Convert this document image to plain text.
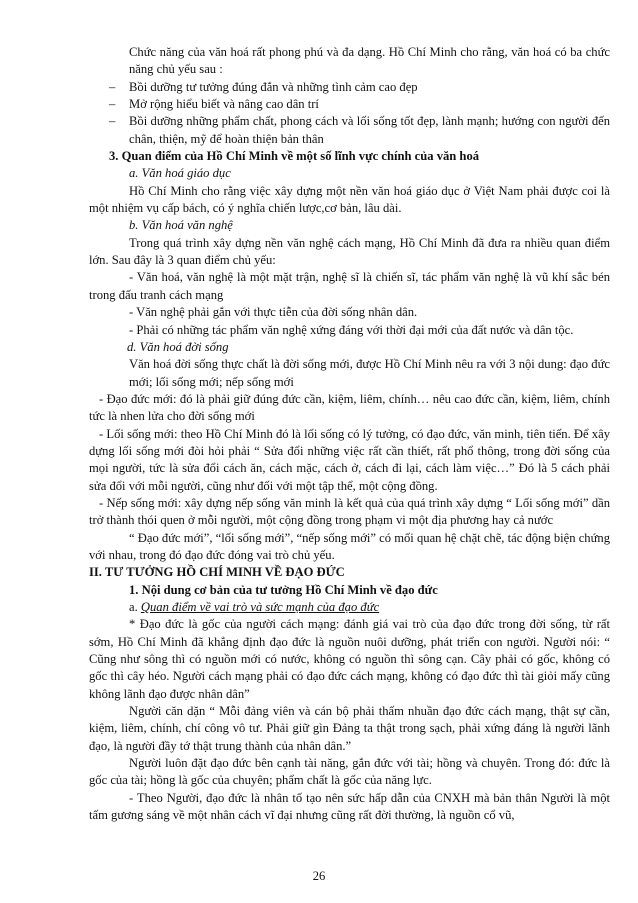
Chức năng của văn hoá rất phong phú và đa dạng. Hồ Chí Minh cho rằng, văn hoá có ba chức năng chủ yếu sau :

– Bồi dưỡng tư tưởng đúng đắn và những tình cảm cao đẹp

– Mở rộng hiểu biết và nâng cao dân trí

– Bồi dưỡng những phẩm chất, phong cách và lối sống tốt đẹp, lành mạnh; hướng con người đến chân, thiện, mỹ để hoàn thiện bản thân

3. Quan điểm của Hồ Chí Minh về một số lĩnh vực chính của văn hoá

a. Văn hoá giáo dục

Hồ Chí Minh cho rằng việc xây dựng một nền văn hoá giáo dục ở Việt Nam phải được coi là một nhiệm vụ cấp bách, có ý nghĩa chiến lược,cơ bản, lâu dài.

b. Văn hoá văn nghệ

Trong quá trình xây dựng nền văn nghệ cách mạng, Hồ Chí Minh đã đưa ra nhiều quan điểm lớn. Sau đây là 3 quan điểm chủ yếu:

- Văn hoá, văn nghệ là một mặt trận, nghệ sĩ là chiến sĩ, tác phẩm văn nghệ là vũ khí sắc bén trong đấu tranh cách mạng

- Văn nghệ phải gắn với thực tiễn của đời sống nhân dân.

- Phải có những tác phẩm văn nghệ xứng đáng với thời đại mới của đất nước và dân tộc.

d. Văn hoá đời sống

Văn hoá đời sống thực chất là đời sống mới, được Hồ Chí Minh nêu ra với 3 nội dung: đạo đức mới; lối sống mới; nếp sống mới

- Đạo đức mới: đó là phải giữ đúng đức cần, kiệm, liêm, chính… nêu cao đức cần, kiệm, liêm, chính tức là nhen lửa cho đời sống mới

- Lối sống mới: theo Hồ Chí Minh đó là lối sống có lý tưởng, có đạo đức, văn minh, tiên tiến. Để xây dựng lối sống mới đòi hỏi phải “ Sửa đổi những việc rất cần thiết, rất phổ thông, trong đời sống của mọi người, tức là sửa đổi cách ăn, cách mặc, cách ở, cách đi lại, cách làm việc…” Đó là 5 cách phải sửa đổi với mỗi người, cũng như đối với một tập thể, một cộng đồng.

- Nếp sống mới: xây dựng nếp sống văn minh là kết quả của quá trình xây dựng “ Lối sống mới” dần trở thành thói quen ở mỗi người, một cộng đồng trong phạm vi một địa phương hay cả nước

“ Đạo đức mới”, “lối sống mới”, “nếp sống mới” có mối quan hệ chặt chẽ, tác động biện chứng với nhau, trong đó đạo đức đóng vai trò chủ yếu.

II. TƯ TƯỞNG HỒ CHÍ MINH VỀ ĐẠO ĐỨC

1. Nội dung cơ bản của tư tưởng Hồ Chí Minh về đạo đức

a. Quan điểm về vai trò và sức mạnh của đạo đức

* Đạo đức là gốc của người cách mạng: đánh giá vai trò của đạo đức trong đời sống, từ rất sớm, Hồ Chí Minh đã khẳng định đạo đức là nguồn nuôi dưỡng, phát triển con người. Người nói: “ Cũng như sông thì có nguồn mới có nước, không có nguồn thì sông cạn. Cây phải có gốc, không có gốc thì cây héo. Người cách mạng phải có đạo đức cách mạng, không có đạo đức thì tài giỏi mấy cũng không lãnh đạo được nhân dân”

Người căn dặn “ Mỗi đảng viên và cán bộ phải thấm nhuần đạo đức cách mạng, thật sự cần, kiệm, liêm, chính, chí công vô tư. Phải giữ gìn Đảng ta thật trong sạch, phải xứng đáng là người lãnh đạo, là người đầy tớ thật trung thành của nhân dân.”

Người luôn đặt đạo đức bên cạnh tài năng, gắn đức với tài; hồng và chuyên. Trong đó: đức là gốc của tài; hồng là gốc của chuyên; phẩm chất là gốc của năng lực.

- Theo Người, đạo đức là nhân tố tạo nên sức hấp dẫn của CNXH mà bản thân Người là một tấm gương sáng về một nhân cách vĩ đại nhưng cũng rất đời thường, là nguồn cổ vũ,

26
